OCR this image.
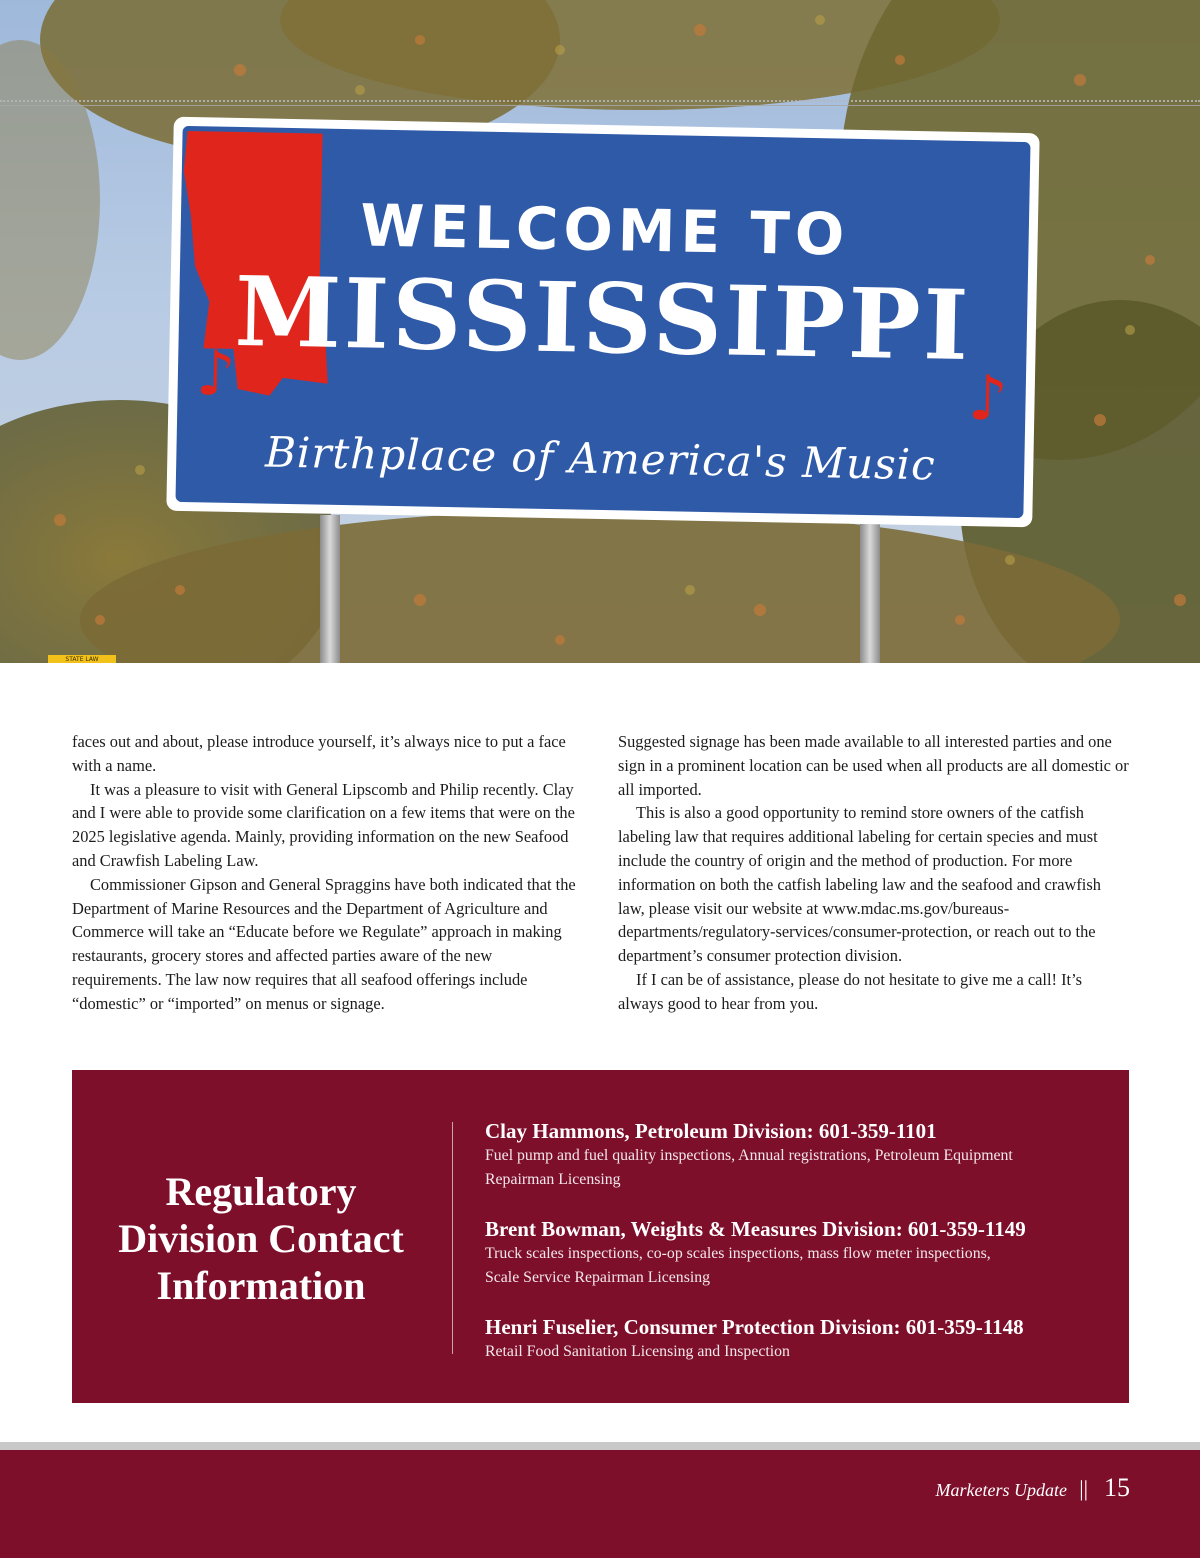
WELCOME TO
MISSISSIPPI
♪	♪
Birthplace of America's Music
STATE LAW

faces out and about, please introduce yourself, it’s always nice to put a face with a name.

It was a pleasure to visit with General Lipscomb and Philip recently. Clay and I were able to provide some clarification on a few items that were on the 2025 legislative agenda. Mainly, providing information on the new Seafood and Crawfish Labeling Law.

Commissioner Gipson and General Spraggins have both indicated that the Department of Marine Resources and the Department of Agriculture and Commerce will take an “Educate before we Regulate” approach in making restaurants, grocery stores and affected parties aware of the new requirements. The law now requires that all seafood offerings include “domestic” or “imported” on menus or signage.

Suggested signage has been made available to all interested parties and one sign in a prominent location can be used when all products are all domestic or all imported.

This is also a good opportunity to remind store owners of the catfish labeling law that requires additional labeling for certain species and must include the country of origin and the method of production. For more information on both the catfish labeling law and the seafood and crawfish law, please visit our website at www.mdac.ms.gov/bureaus-departments/regulatory-services/consumer-protection, or reach out to the department’s consumer protection division.

If I can be of assistance, please do not hesitate to give me a call! It’s always good to hear from you.

Regulatory
Division Contact
Information
Clay Hammons, Petroleum Division: 601-359-1101
Fuel pump and fuel quality inspections, Annual registrations, Petroleum Equipment
Repairman Licensing
Brent Bowman, Weights & Measures Division: 601-359-1149
Truck scales inspections, co-op scales inspections, mass flow meter inspections,
Scale Service Repairman Licensing
Henri Fuselier, Consumer Protection Division: 601-359-1148
Retail Food Sanitation Licensing and Inspection
Marketers Update || 15
